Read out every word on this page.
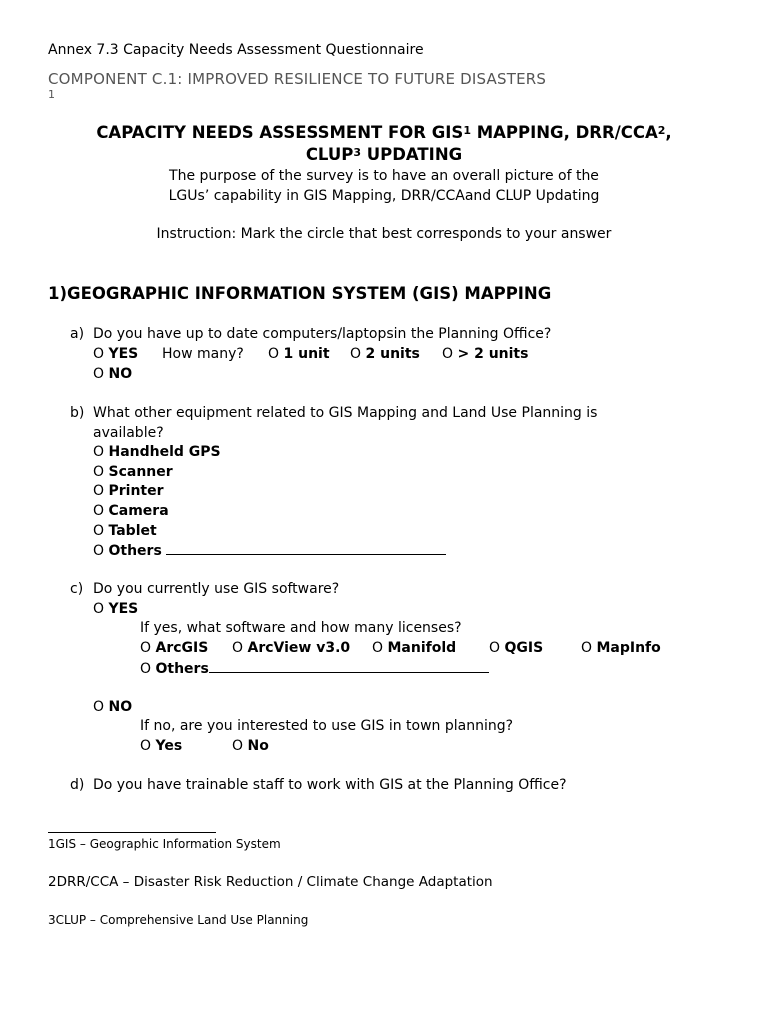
Annex 7.3 Capacity Needs Assessment Questionnaire
COMPONENT C.1: IMPROVED RESILIENCE TO FUTURE DISASTERS
1
CAPACITY NEEDS ASSESSMENT FOR GIS$^1$ MAPPING, DRR/CCA$^2$,
CLUP$^3$ UPDATING
The purpose of the survey is to have an overall picture of the
LGUs’ capability in GIS Mapping, DRR/CCAand CLUP Updating
Instruction: Mark the circle that best corresponds to your answer
1)GEOGRAPHIC INFORMATION SYSTEM (GIS) MAPPING
a) Do you have up to date computers/laptopsin the Planning Office?
O YES How many? O 1 unit O 2 units O > 2 units
O NO
b) What other equipment related to GIS Mapping and Land Use Planning is
available?
O Handheld GPS
O Scanner
O Printer
O Camera
O Tablet
O Others
c) Do you currently use GIS software?
O YES
If yes, what software and how many licenses?
O ArcGIS O ArcView v3.0 O Manifold O QGIS	O MapInfo
O Others
O NO
If no, are you interested to use GIS in town planning?
O Yes	O No
d) Do you have trainable staff to work with GIS at the Planning Office?
1GIS – Geographic Information System
2DRR/CCA – Disaster Risk Reduction / Climate Change Adaptation
3CLUP – Comprehensive Land Use Planning
